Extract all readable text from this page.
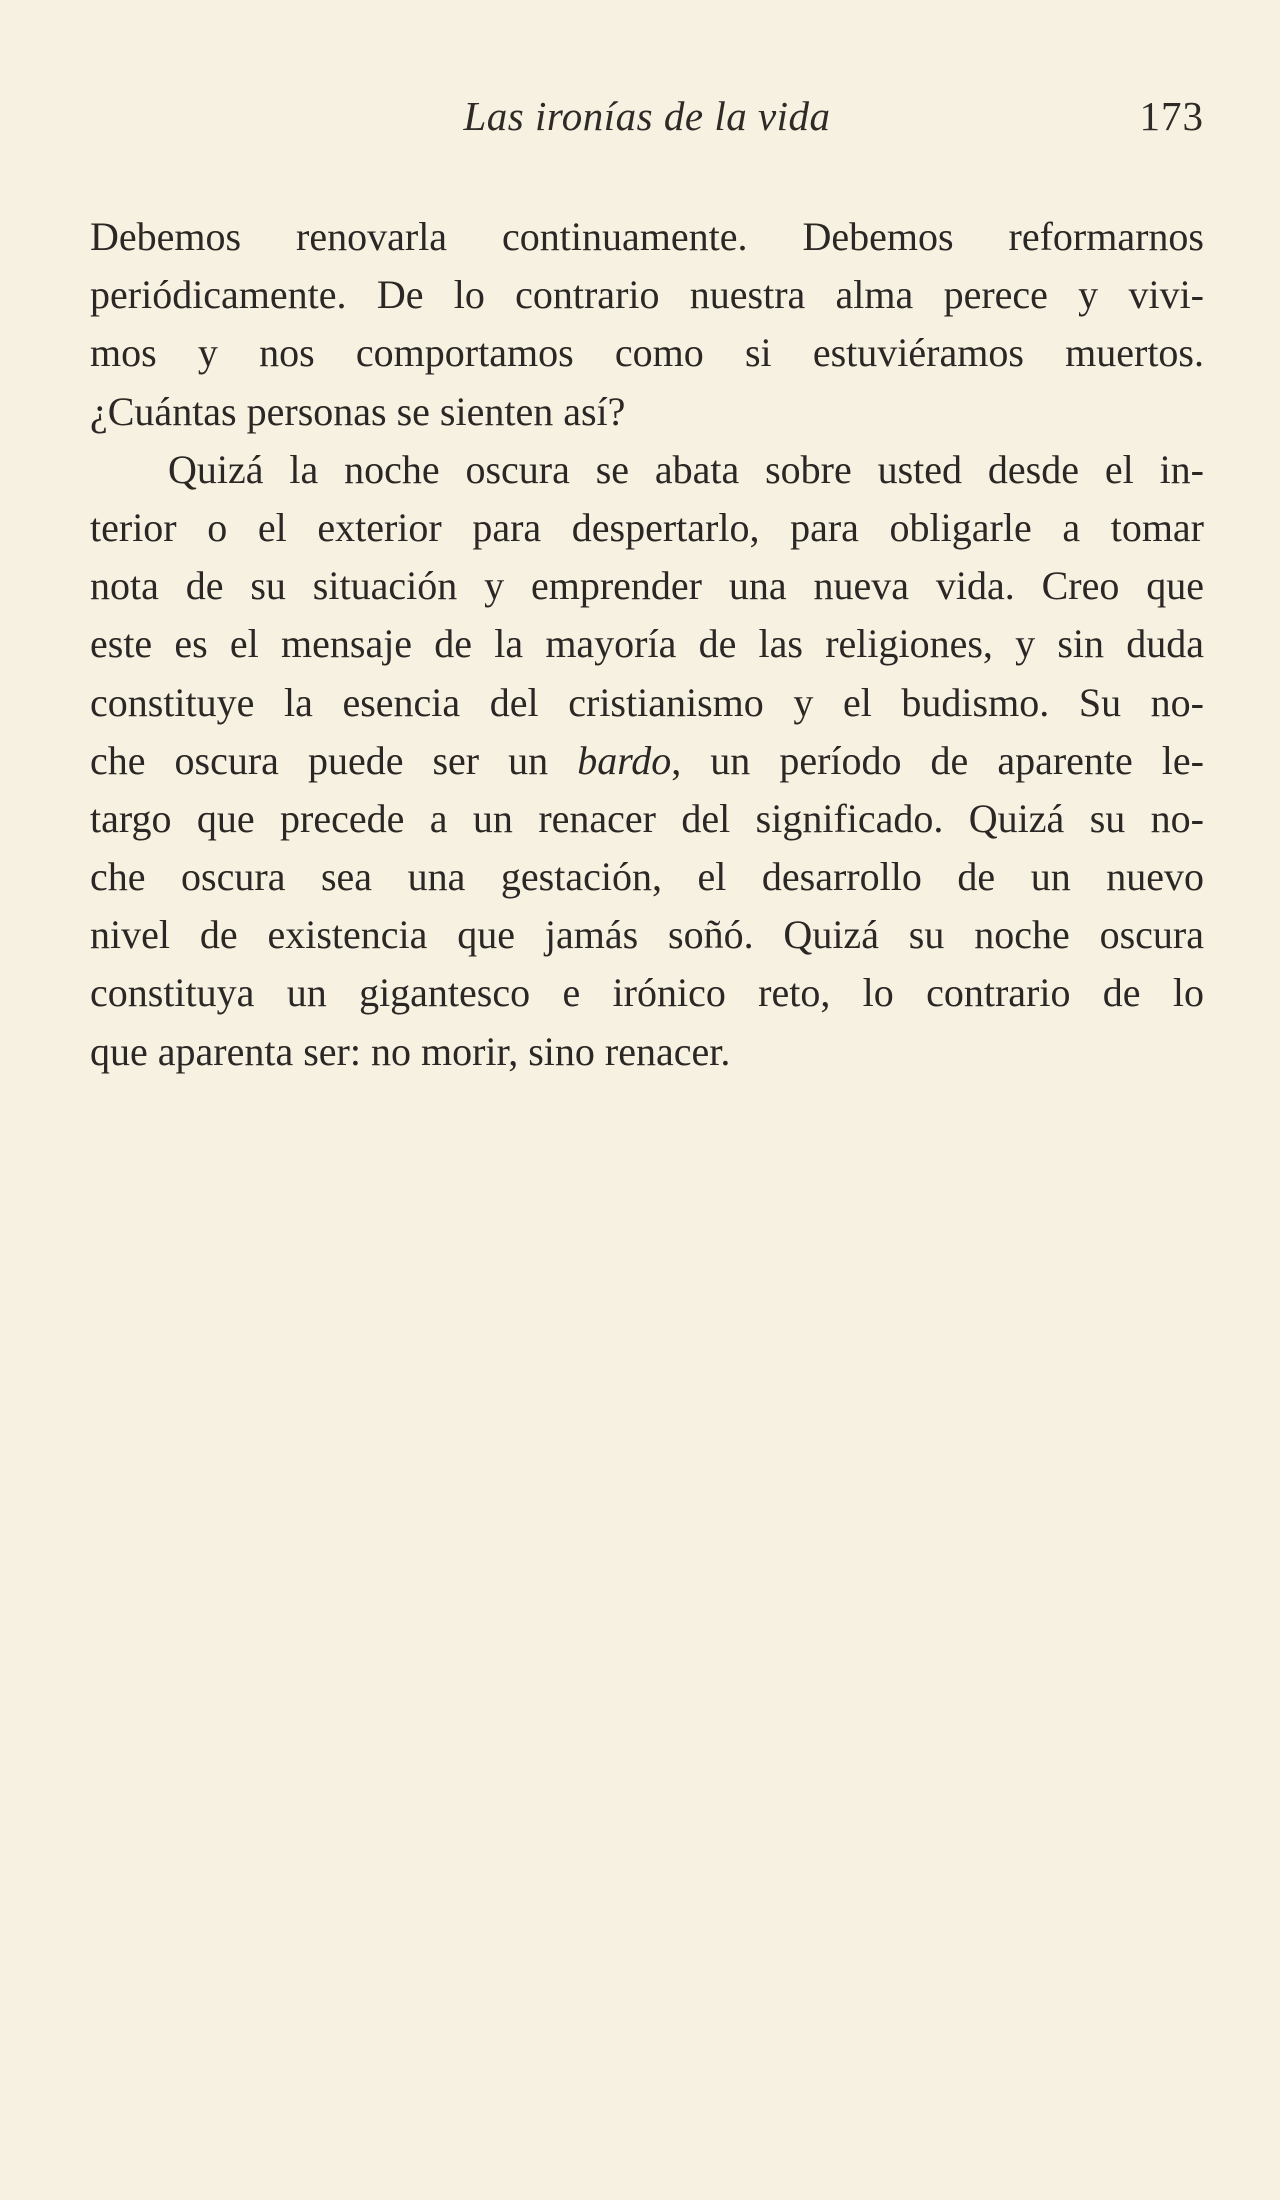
Las ironías de la vida	173
Debemos renovarla continuamente. Debemos reformarnos
periódicamente. De lo contrario nuestra alma perece y vivi-
mos y nos comportamos como si estuviéramos muertos.
¿Cuántas personas se sienten así?
Quizá la noche oscura se abata sobre usted desde el in-
terior o el exterior para despertarlo, para obligarle a tomar
nota de su situación y emprender una nueva vida. Creo que
este es el mensaje de la mayoría de las religiones, y sin duda
constituye la esencia del cristianismo y el budismo. Su no-
che oscura puede ser un bardo, un período de aparente le-
targo que precede a un renacer del significado. Quizá su no-
che oscura sea una gestación, el desarrollo de un nuevo
nivel de existencia que jamás soñó. Quizá su noche oscura
constituya un gigantesco e irónico reto, lo contrario de lo
que aparenta ser: no morir, sino renacer.
